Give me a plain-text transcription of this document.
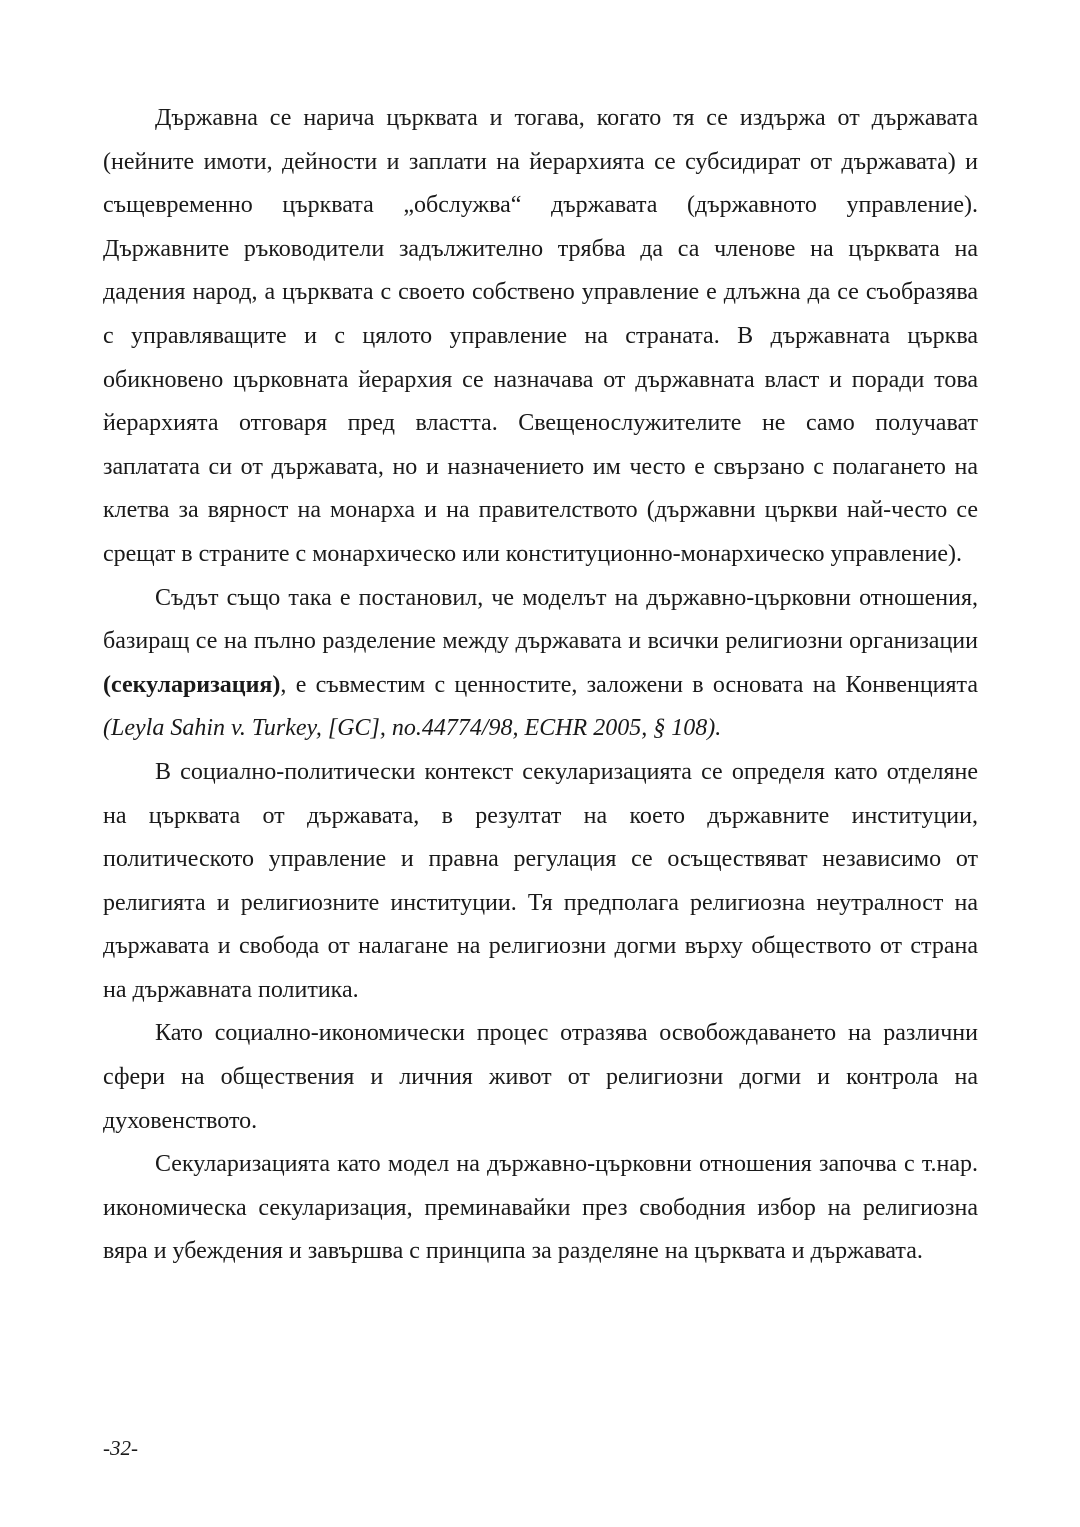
Държавна се нарича църквата и тогава, когато тя се издържа от държавата (нейните имоти, дейности и заплати на йерархията се субсидират от държавата) и същевременно църквата „обслужва“ държавата (държавното управление). Държавните ръководители задължително трябва да са членове на църквата на дадения народ, а църквата с своето собствено управление е длъжна да се съобразява с управляващите и с цялото управление на страната. В държавната църква обикновено църковната йерархия се назначава от държавната власт и поради това йерархията отговаря пред властта. Свещенослужителите не само получават заплатата си от държавата, но и назначението им често е свързано с полагането на клетва за вярност на монарха и на правителството (държавни църкви най-често се срещат в страните с монархическо или конституционно-монархическо управление).

Съдът също така е постановил, че моделът на държавно-църковни отношения, базиращ се на пълно разделение между държавата и всички религиозни организации (секуларизация), е съвместим с ценностите, заложени в основата на Конвенцията (Leyla Sahin v. Turkey, [GC], no.44774/98, ECHR 2005, § 108).

В социално-политически контекст секуларизацията се определя като отделяне на църквата от държавата, в резултат на което държавните институции, политическото управление и правна регулация се осъществяват независимо от религията и религиозните институции. Тя предполага религиозна неутралност на държавата и свобода от налагане на религиозни догми върху обществото от страна на държавната политика.

Като социално-икономически процес отразява освобождаването на различни сфери на обществения и личния живот от религиозни догми и контрола на духовенството.

Секуларизацията като модел на държавно-църковни отношения започва с т.нар. икономическа секуларизация, преминавайки през свободния избор на религиозна вяра и убеждения и завършва с принципа за разделяне на църквата и държавата.

-32-
